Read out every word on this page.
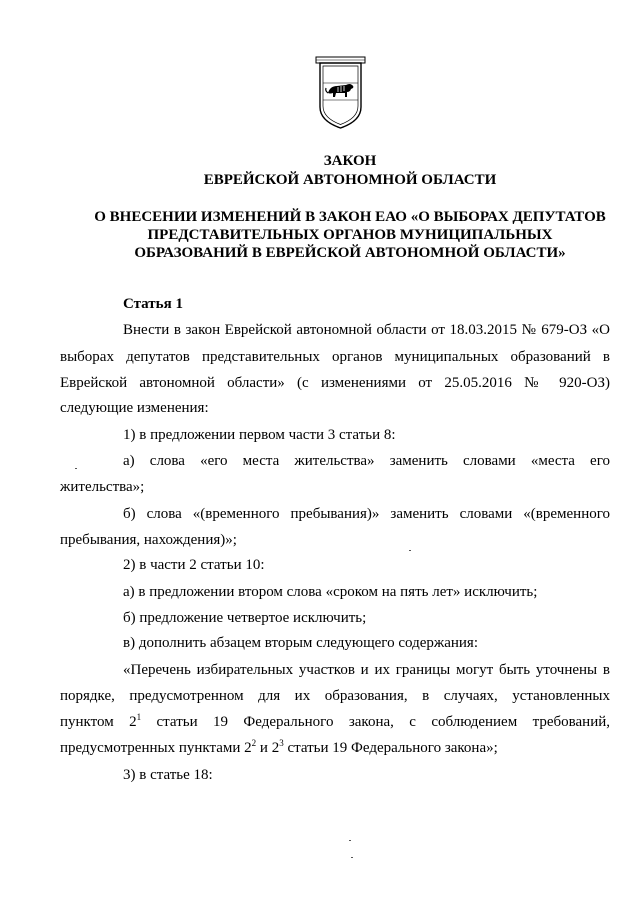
ЗАКОН
ЕВРЕЙСКОЙ АВТОНОМНОЙ ОБЛАСТИ
О ВНЕСЕНИИ ИЗМЕНЕНИЙ В ЗАКОН ЕАО «О ВЫБОРАХ ДЕПУТАТОВ
ПРЕДСТАВИТЕЛЬНЫХ ОРГАНОВ МУНИЦИПАЛЬНЫХ
ОБРАЗОВАНИЙ В ЕВРЕЙСКОЙ АВТОНОМНОЙ ОБЛАСТИ»
Статья 1
Внести в закон Еврейской автономной области от 18.03.2015 № 679-ОЗ «О
выборах депутатов представительных органов муниципальных образований в
Еврейской автономной области» (с изменениями от 25.05.2016 № 920-ОЗ)
следующие изменения:
1) в предложении первом части 3 статьи 8:
а) слова «его места жительства» заменить словами «места его
жительства»;
б) слова «(временного пребывания)» заменить словами «(временного
пребывания, нахождения)»;
2) в части 2 статьи 10:
а) в предложении втором слова «сроком на пять лет» исключить;
б) предложение четвертое исключить;
в) дополнить абзацем вторым следующего содержания:
«Перечень избирательных участков и их границы могут быть уточнены в
порядке, предусмотренном для их образования, в случаях, установленных
пунктом $2^1$ статьи 19 Федерального закона, с соблюдением требований,
предусмотренных пунктами $2^2$ и $2^3$ статьи 19 Федерального закона»;
3) в статье 18:
